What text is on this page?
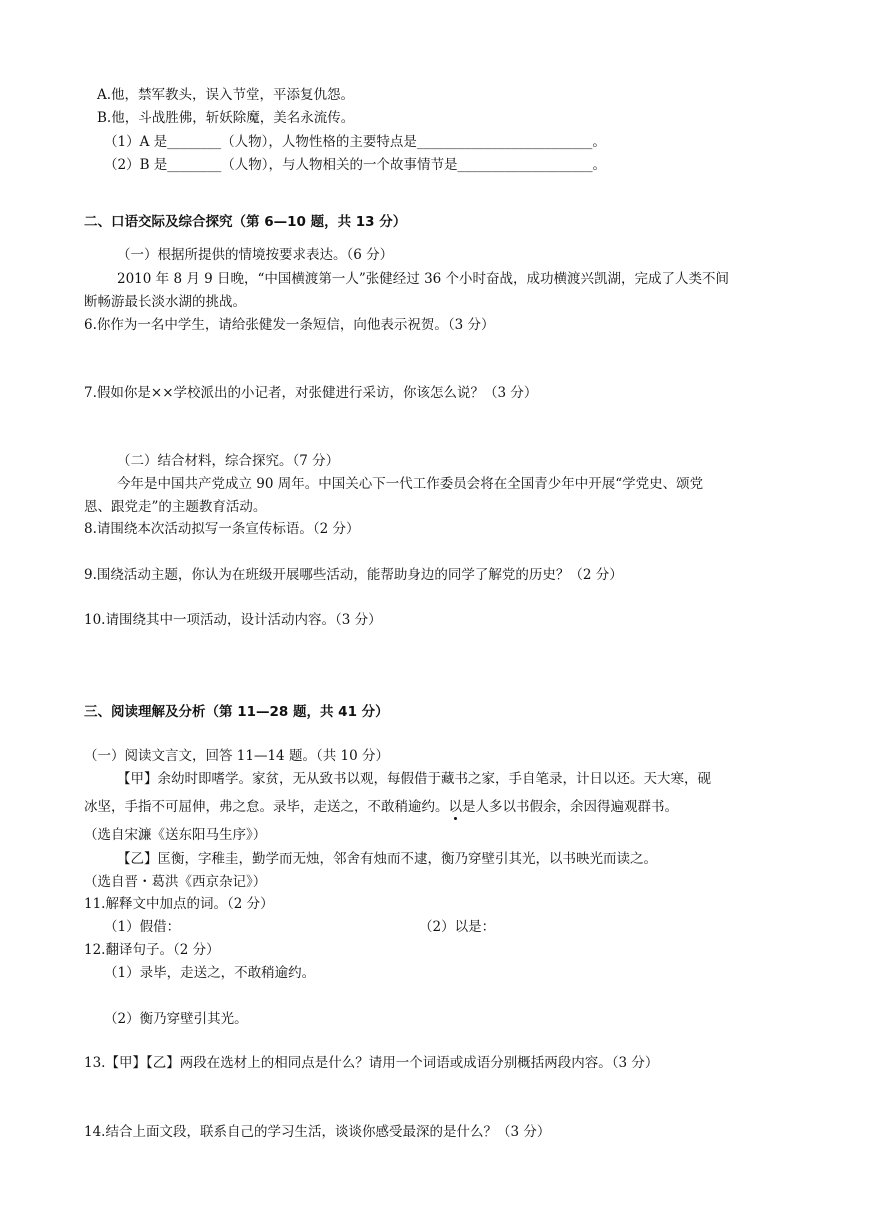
A.他，禁军教头，误入节堂，平添复仇怨。
B.他，斗战胜佛，斩妖除魔，美名永流传。
（1）A 是________（人物），人物性格的主要特点是__________________________。
（2）B 是________（人物），与人物相关的一个故事情节是____________________。
二、口语交际及综合探究（第 6—10 题，共 13 分）
（一）根据所提供的情境按要求表达。（6 分）
2010 年 8 月 9 日晚，“中国横渡第一人”张健经过 36 个小时奋战，成功横渡兴凯湖，完成了人类不间
断畅游最长淡水湖的挑战。
6.你作为一名中学生，请给张健发一条短信，向他表示祝贺。（3 分）
7.假如你是××学校派出的小记者，对张健进行采访，你该怎么说？（3 分）
（二）结合材料，综合探究。（7 分）
今年是中国共产党成立 90 周年。中国关心下一代工作委员会将在全国青少年中开展“学党史、颂党
恩、跟党走”的主题教育活动。
8.请围绕本次活动拟写一条宣传标语。（2 分）
9.围绕活动主题，你认为在班级开展哪些活动，能帮助身边的同学了解党的历史？（2 分）
10.请围绕其中一项活动，设计活动内容。（3 分）
三、阅读理解及分析（第 11—28 题，共 41 分）
（一）阅读文言文，回答 11—14 题。（共 10 分）
【甲】余幼时即嗜学。家贫，无从致书以观，每假借于藏书之家，手自笔录，计日以还。天大寒，砚
冰坚，手指不可屈伸，弗之怠。录毕，走送之，不敢稍逾约。以是人多以书假余，余因得遍观群书。
（选自宋濂《送东阳马生序》）
【乙】匡衡，字稚圭，勤学而无烛，邻舍有烛而不逮，衡乃穿壁引其光，以书映光而读之。
（选自晋・葛洪《西京杂记》）
11.解释文中加点的词。（2 分）
（1）假借：	（2）以是：
12.翻译句子。（2 分）
（1）录毕，走送之，不敢稍逾约。
（2）衡乃穿壁引其光。
13.【甲】【乙】两段在选材上的相同点是什么？请用一个词语或成语分别概括两段内容。（3 分）
14.结合上面文段，联系自己的学习生活，谈谈你感受最深的是什么？（3 分）
